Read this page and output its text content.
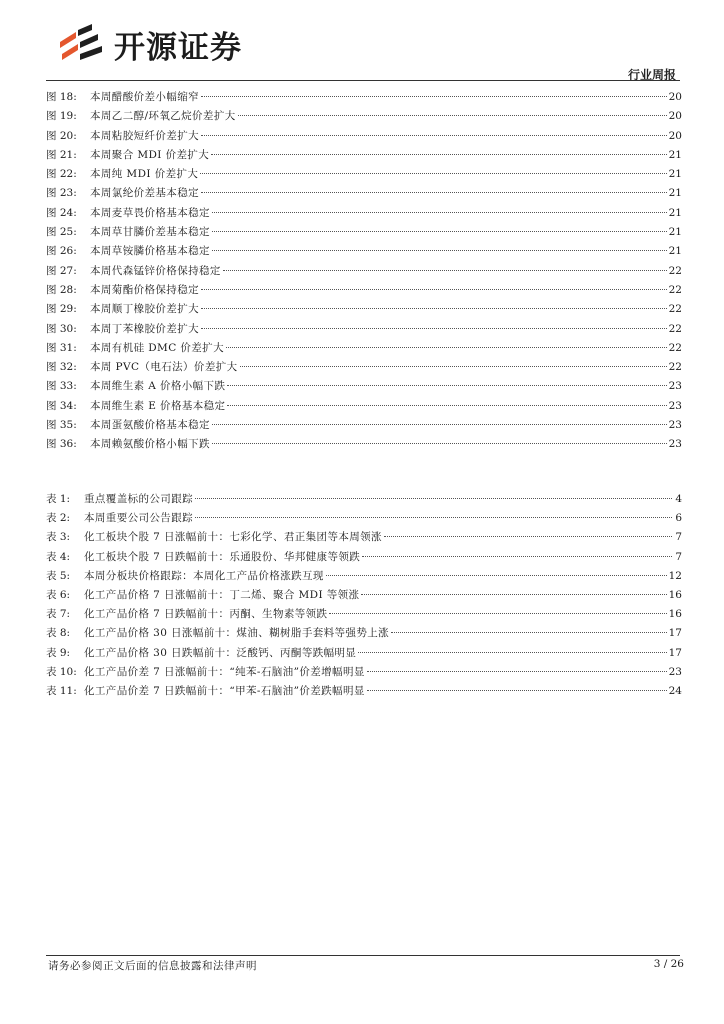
开源证券
行业周报
图 18:	本周醋酸价差小幅缩窄	20
图 19:	本周乙二醇/环氧乙烷价差扩大	20
图 20:	本周粘胶短纤价差扩大	20
图 21:	本周聚合 MDI 价差扩大	21
图 22:	本周纯 MDI 价差扩大	21
图 23:	本周氯纶价差基本稳定	21
图 24:	本周麦草畏价格基本稳定	21
图 25:	本周草甘膦价差基本稳定	21
图 26:	本周草铵膦价格基本稳定	21
图 27:	本周代森锰锌价格保持稳定	22
图 28:	本周菊酯价格保持稳定	22
图 29:	本周顺丁橡胶价差扩大	22
图 30:	本周丁苯橡胶价差扩大	22
图 31:	本周有机硅 DMC 价差扩大	22
图 32:	本周 PVC（电石法）价差扩大	22
图 33:	本周维生素 A 价格小幅下跌	23
图 34:	本周维生素 E 价格基本稳定	23
图 35:	本周蛋氨酸价格基本稳定	23
图 36:	本周赖氨酸价格小幅下跌	23
表 1:	重点覆盖标的公司跟踪	4
表 2:	本周重要公司公告跟踪	6
表 3:	化工板块个股 7 日涨幅前十：七彩化学、君正集团等本周领涨	7
表 4:	化工板块个股 7 日跌幅前十：乐通股份、华邦健康等领跌	7
表 5:	本周分板块价格跟踪：本周化工产品价格涨跌互现	12
表 6:	化工产品价格 7 日涨幅前十：丁二烯、聚合 MDI 等领涨	16
表 7:	化工产品价格 7 日跌幅前十：丙酮、生物素等领跌	16
表 8:	化工产品价格 30 日涨幅前十：煤油、糊树脂手套料等强势上涨	17
表 9:	化工产品价格 30 日跌幅前十：泛酸钙、丙酮等跌幅明显	17
表 10: 化工产品价差 7 日涨幅前十：“纯苯-石脑油”价差增幅明显	23
表 11: 化工产品价差 7 日跌幅前十：“甲苯-石脑油”价差跌幅明显	24
请务必参阅正文后面的信息披露和法律声明	3 / 26
